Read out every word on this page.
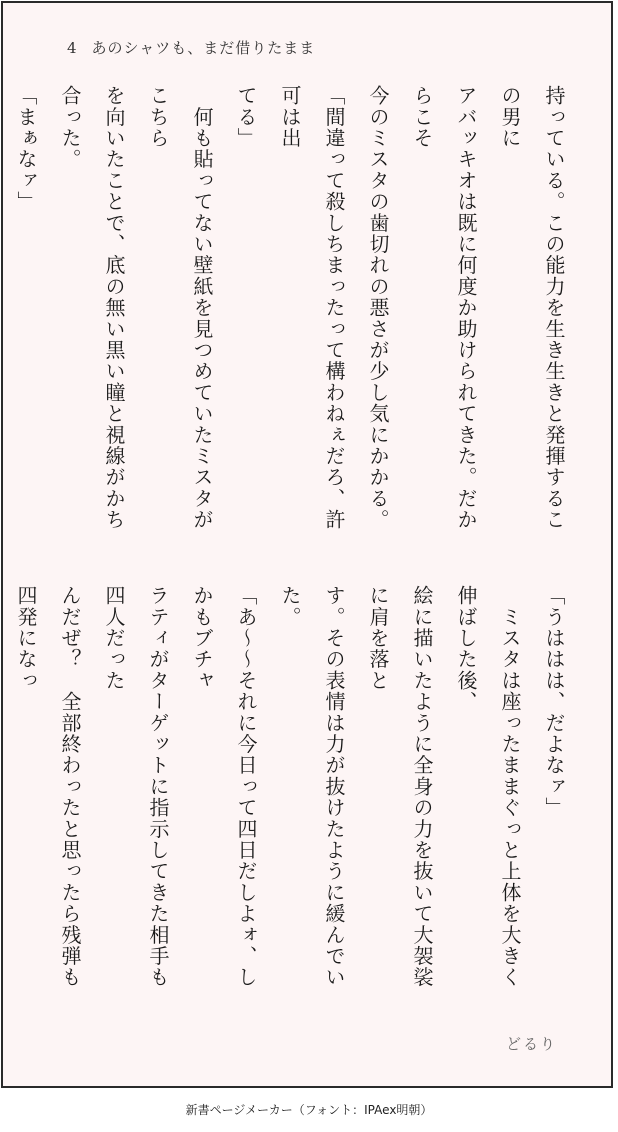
4 あのシャツも、まだ借りたまま

持っている。この能力を生き生きと発揮するこの男に

アバッキオは既に何度か助けられてきた。だからこそ

今のミスタの歯切れの悪さが少し気にかかる。

「間違って殺しちまったって構わねぇだろ、許可は出

てる」

　何も貼ってない壁紙を見つめていたミスタがこちら

を向いたことで、底の無い黒い瞳と視線がかち合った。

「まぁなァ」

「うははは、だよなァ」

　ミスタは座ったままぐっと上体を大きく伸ばした後、

絵に描いたように全身の力を抜いて大袈裟に肩を落と

す。その表情は力が抜けたように緩んでいた。

「あ〜〜それに今日って四日だしよォ、しかもブチャ

ラティがターゲットに指示してきた相手も四人だった

んだぜ？　全部終わったと思ったら残弾も四発になっ

どるり
新書ページメーカー（フォント：IPAex明朝）
